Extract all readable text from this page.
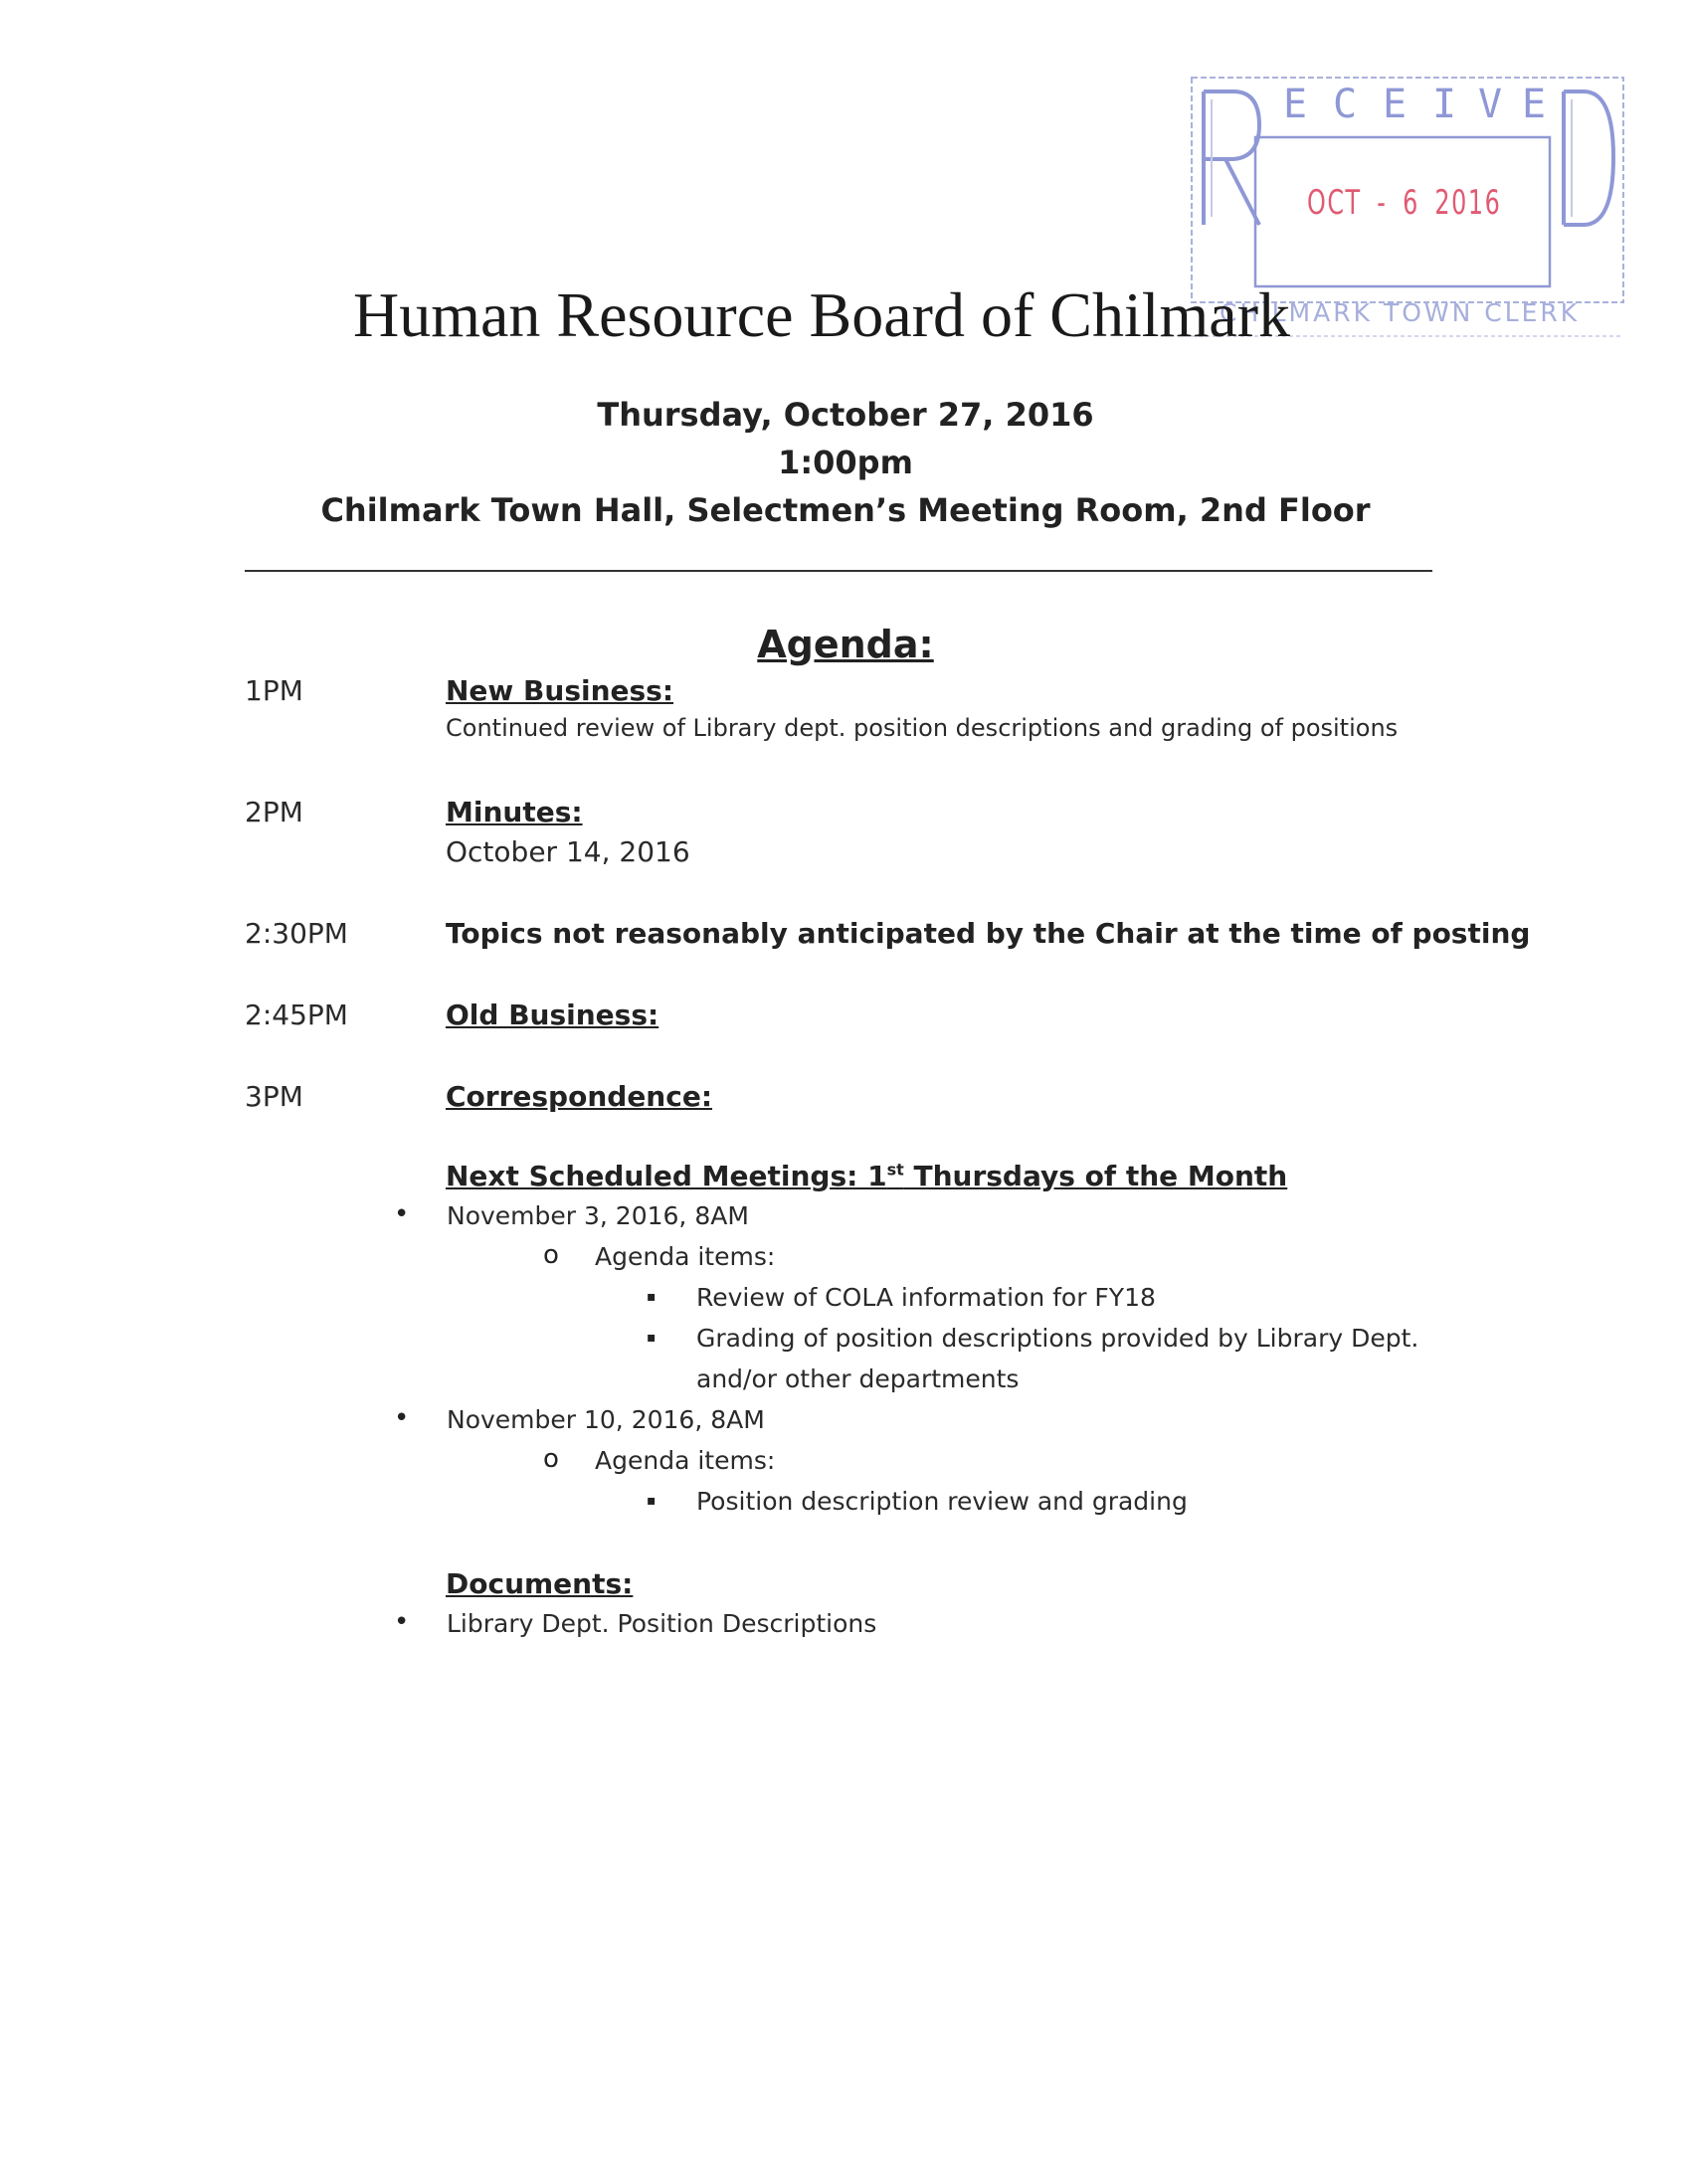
E C E I V E
OCT - 6 2016
CHILMARK TOWN CLERK
Human Resource Board of Chilmark
Thursday, October 27, 2016
1:00pm
Chilmark Town Hall, Selectmen’s Meeting Room, 2nd Floor
Agenda:
1PM	New Business:
Continued review of Library dept. position descriptions and grading of positions
2PM	Minutes:
October 14, 2016
2:30PM	Topics not reasonably anticipated by the Chair at the time of posting
2:45PM	Old Business:
3PM	Correspondence:
Next Scheduled Meetings: 1st Thursdays of the Month
• November 3, 2016, 8AM
o Agenda items:
▪ Review of COLA information for FY18
▪ Grading of position descriptions provided by Library Dept.
and/or other departments
• November 10, 2016, 8AM
o Agenda items:
▪ Position description review and grading
Documents:
• Library Dept. Position Descriptions
